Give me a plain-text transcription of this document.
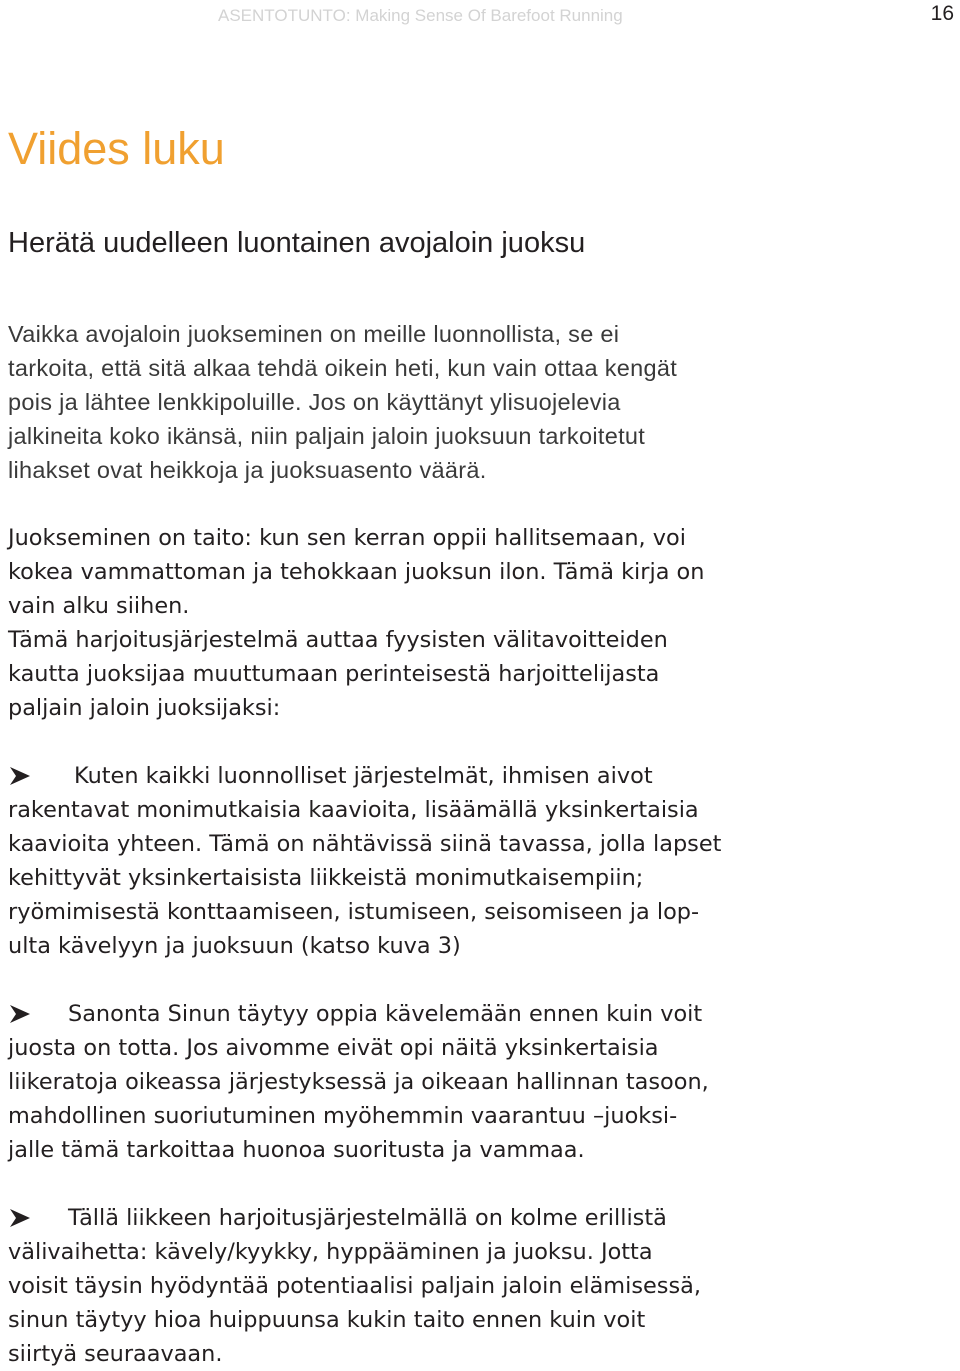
ASENTOTUNTO: Making Sense Of Barefoot Running	16
Viides luku
Herätä uudelleen luontainen avojaloin juoksu

Vaikka avojaloin juokseminen on meille luonnollista, se ei
tarkoita, että sitä alkaa tehdä oikein heti, kun vain ottaa kengät
pois ja lähtee lenkkipoluille. Jos on käyttänyt ylisuojelevia
jalkineita koko ikänsä, niin paljain jaloin juoksuun tarkoitetut
lihakset ovat heikkoja ja juoksuasento väärä.

Juokseminen on taito: kun sen kerran oppii hallitsemaan, voi
kokea vammattoman ja tehokkaan juoksun ilon. Tämä kirja on
vain alku siihen.

Tämä harjoitusjärjestelmä auttaa fyysisten välitavoitteiden
kautta juoksijaa muuttumaan perinteisestä harjoittelijasta
paljain jaloin juoksijaksi:

Kuten kaikki luonnolliset järjestelmät, ihmisen aivot
rakentavat monimutkaisia kaavioita, lisäämällä yksinkertaisia
kaavioita yhteen. Tämä on nähtävissä siinä tavassa, jolla lapset
kehittyvät yksinkertaisista liikkeistä monimutkaisempiin;
ryömimisestä konttaamiseen, istumiseen, seisomiseen ja lop-
ulta kävelyyn ja juoksuun (katso kuva 3)
Sanonta Sinun täytyy oppia kävelemään ennen kuin voit
juosta on totta. Jos aivomme eivät opi näitä yksinkertaisia
liikeratoja oikeassa järjestyksessä ja oikeaan hallinnan tasoon,
mahdollinen suoriutuminen myöhemmin vaarantuu –juoksi-
jalle tämä tarkoittaa huonoa suoritusta ja vammaa.
Tällä liikkeen harjoitusjärjestelmällä on kolme erillistä
välivaihetta: kävely/kyykky, hyppääminen ja juoksu. Jotta
voisit täysin hyödyntää potentiaalisi paljain jaloin elämisessä,
sinun täytyy hioa huippuunsa kukin taito ennen kuin voit
siirtyä seuraavaan.
